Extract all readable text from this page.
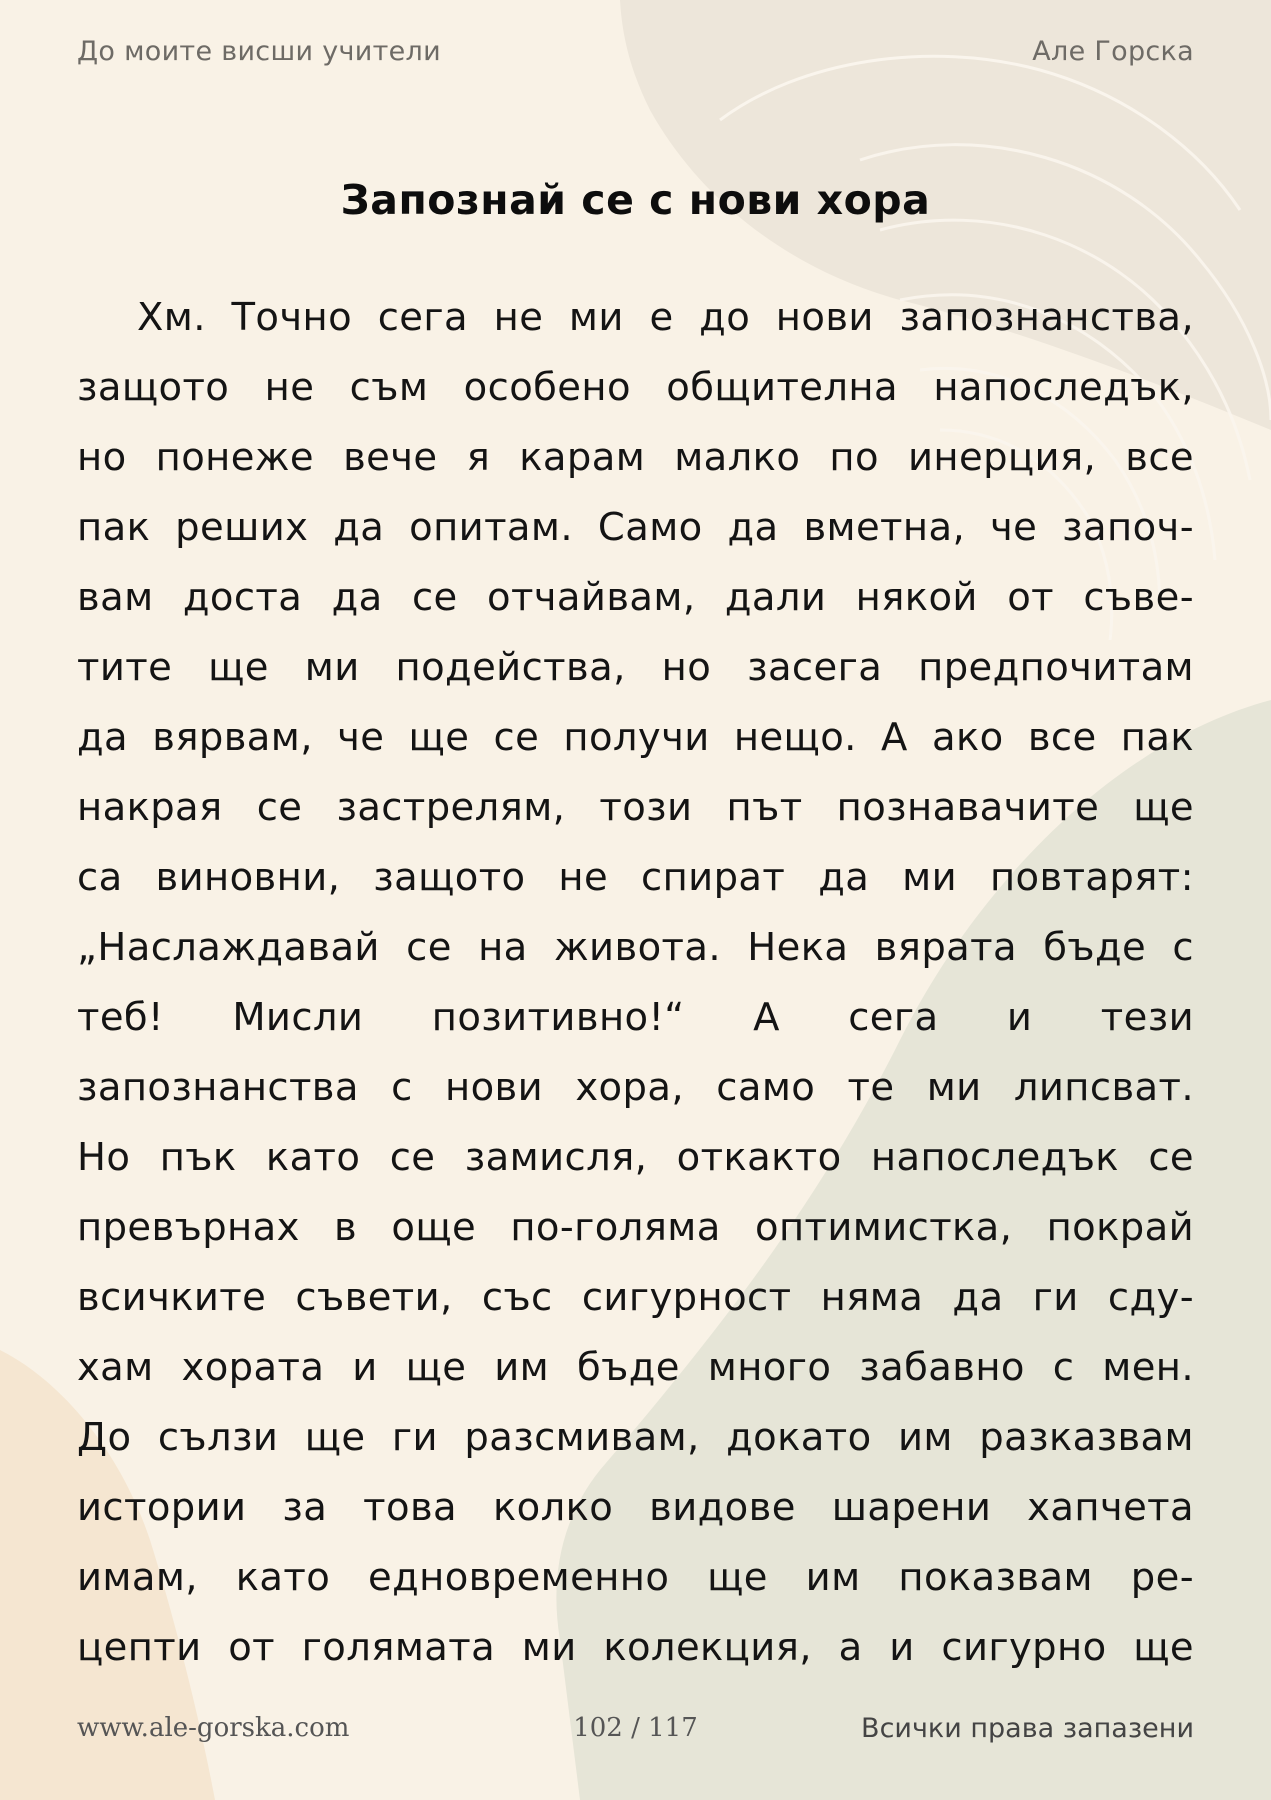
До моите висши учители	Але Горска
Запознай се с нови хора
Хм. Точно сега не ми е до нови запознанства,
защото не съм особено общителна напоследък,
но понеже вече я карам малко по инерция, все
пак реших да опитам. Само да вметна, че започ-
вам доста да се отчайвам, дали някой от съве-
тите ще ми подейства, но засега предпочитам
да вярвам, че ще се получи нещо. А ако все пак
накрая се застрелям, този път познавачите ще
са виновни, защото не спират да ми повтарят:
„Наслаждавай се на живота. Нека вярата бъде с
теб! Мисли позитивно!“ А сега и тези
запознанства с нови хора, само те ми липсват.
Но пък като се замисля, откакто напоследък се
превърнах в още по-голяма оптимистка, покрай
всичките съвети, със сигурност няма да ги сду-
хам хората и ще им бъде много забавно с мен.
До сълзи ще ги разсмивам, докато им разказвам
истории за това колко видове шарени хапчета
имам, като едновременно ще им показвам ре-
цепти от голямата ми колекция, а и сигурно ще
www.ale-gorska.com	102 / 117	Всички права запазени
